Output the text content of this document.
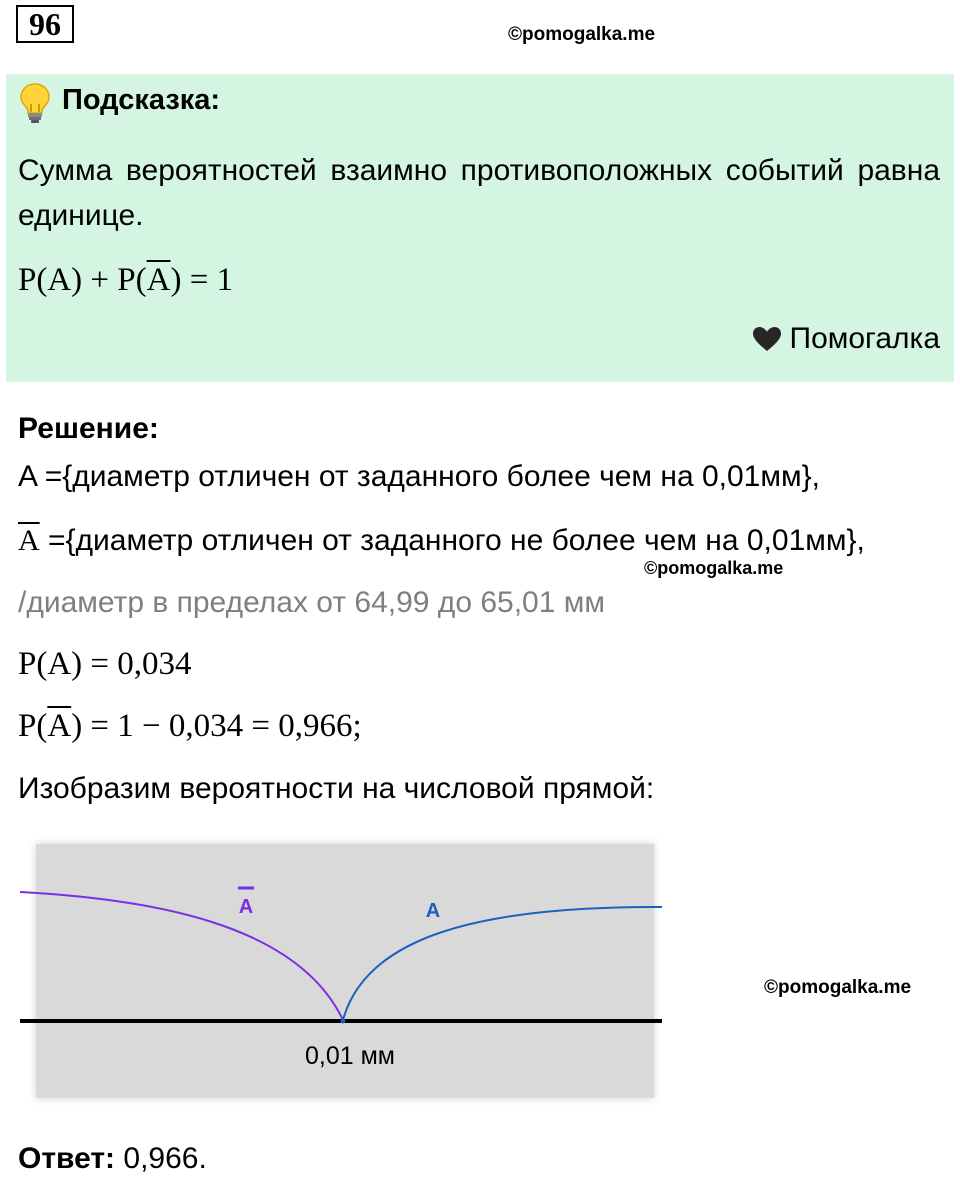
96	©pomogalka.me
Подсказка:
Сумма вероятностей взаимно противоположных событий равна единице.
$P(A) + P(\overline{A}) = 1$
Помогалка
Решение:
A ={диаметр отличен от заданного более чем на 0,01мм},
$\overline{A}$ ={диаметр отличен от заданного не более чем на 0,01мм},
©pomogalka.me
/диаметр в пределах от 64,99 до 65,01 мм
P(A) = 0,034
$P(\overline{A}) = 1 - 0,034 = 0,966$;
Изобразим вероятности на числовой прямой:
A	A
0,01 мм
©pomogalka.me
Ответ: 0,966.
